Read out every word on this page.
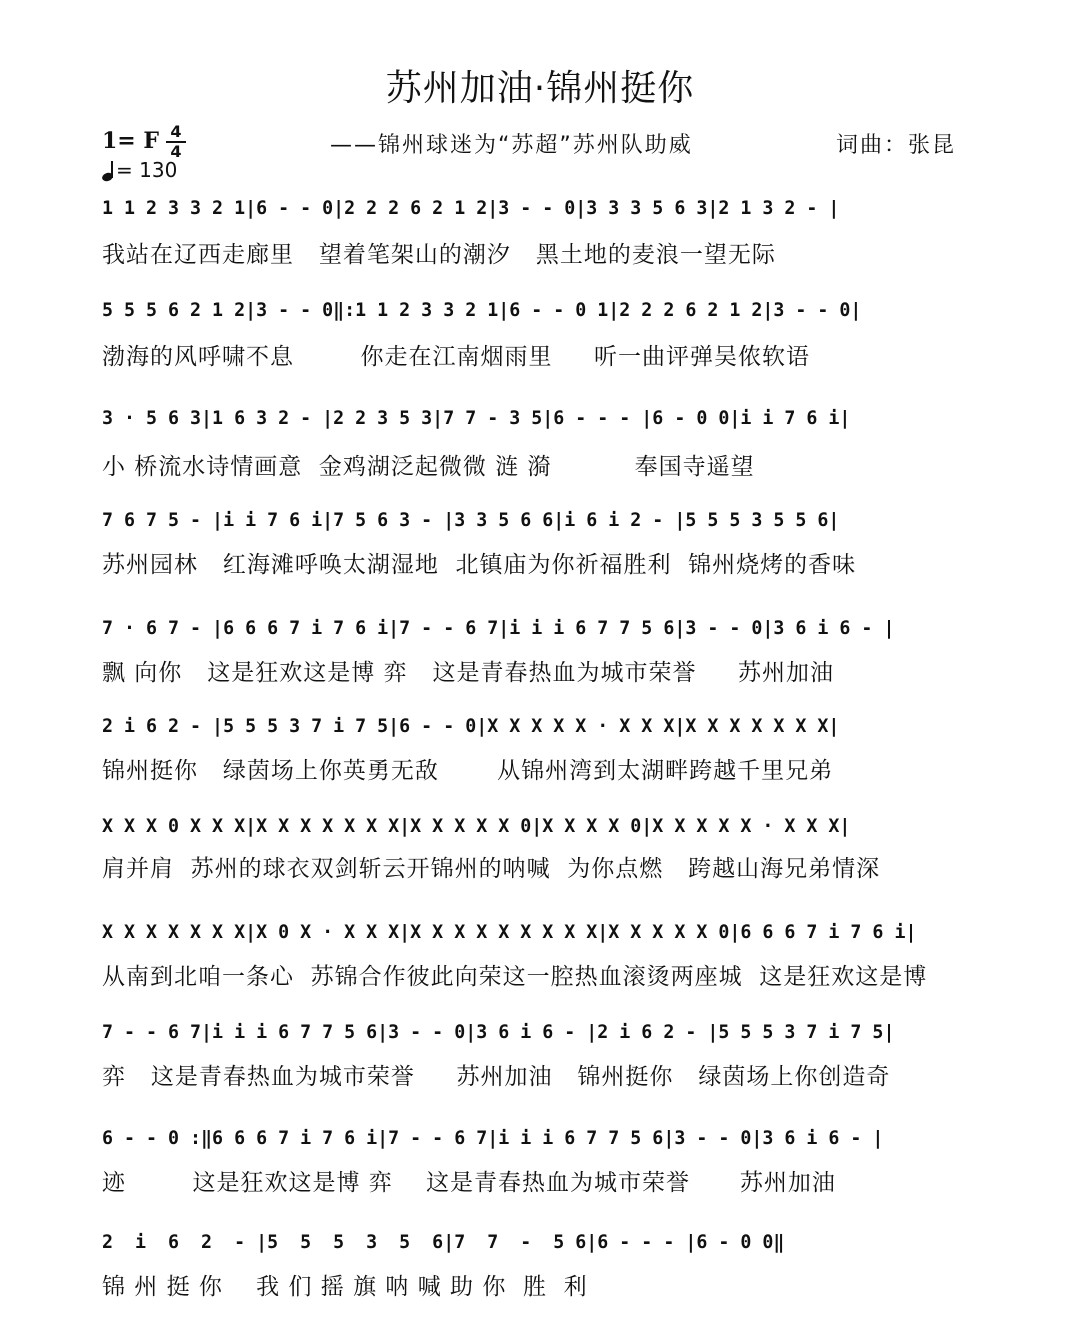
苏州加油·锦州挺你
1= F 4
4
= 130
——锦州球迷为“苏超”苏州队助威	词曲：张昆
1 1 2 3 3 2 1|6 - - 0|2 2 2 6 2 1 2|3 - - 0|3 3 3 5 6 3|2 1 3 2 - |
我站在辽西走廊里   望着笔架山的潮汐   黑土地的麦浪一望无际
5 5 5 6 2 1 2|3 - - 0‖:1 1 2 3 3 2 1|6 - - 0 1|2 2 2 6 2 1 2|3 - - 0|
渤海的风呼啸不息        你走在江南烟雨里     听一曲评弹吴侬软语
3 · 5 6 3|1 6 3 2 - |2 2 3 5 3|7 7 - 3 5|6 - - - |6 - 0 0|i i 7 6 i|
小 桥流水诗情画意  金鸡湖泛起微微 涟 漪          奉国寺遥望
7 6 7 5 - |i i 7 6 i|7 5 6 3 - |3 3 5 6 6|i 6 i 2 - |5 5 5 3 5 5 6|
苏州园林   红海滩呼唤太湖湿地  北镇庙为你祈福胜利  锦州烧烤的香味
7 · 6 7 - |6 6 6 7 i 7 6 i|7 - - 6 7|i i i 6 7 7 5 6|3 - - 0|3 6 i 6 - |
飘 向你   这是狂欢这是博 弈   这是青春热血为城市荣誉     苏州加油
2 i 6 2 - |5 5 5 3 7 i 7 5|6 - - 0|X X X X X · X X X|X X X X X X X|
锦州挺你   绿茵场上你英勇无敌       从锦州湾到太湖畔跨越千里兄弟
X X X 0 X X X|X X X X X X X|X X X X X 0|X X X X 0|X X X X X · X X X|
肩并肩  苏州的球衣双剑斩云开锦州的呐喊  为你点燃   跨越山海兄弟情深
X X X X X X X|X 0 X · X X X|X X X X X X X X X|X X X X X 0|6 6 6 7 i 7 6 i|
从南到北咱一条心  苏锦合作彼此向荣这一腔热血滚烫两座城  这是狂欢这是博
7 - - 6 7|i i i 6 7 7 5 6|3 - - 0|3 6 i 6 - |2 i 6 2 - |5 5 5 3 7 i 7 5|
弈   这是青春热血为城市荣誉     苏州加油   锦州挺你   绿茵场上你创造奇
6 - - 0 :‖6 6 6 7 i 7 6 i|7 - - 6 7|i i i 6 7 7 5 6|3 - - 0|3 6 i 6 - |
迹        这是狂欢这是博 弈    这是青春热血为城市荣誉      苏州加油
2  i  6  2  - |5  5  5  3  5  6|7  7  -  5 6|6 - - - |6 - 0 0‖
锦 州 挺 你    我 们 摇 旗 呐 喊 助 你  胜  利
